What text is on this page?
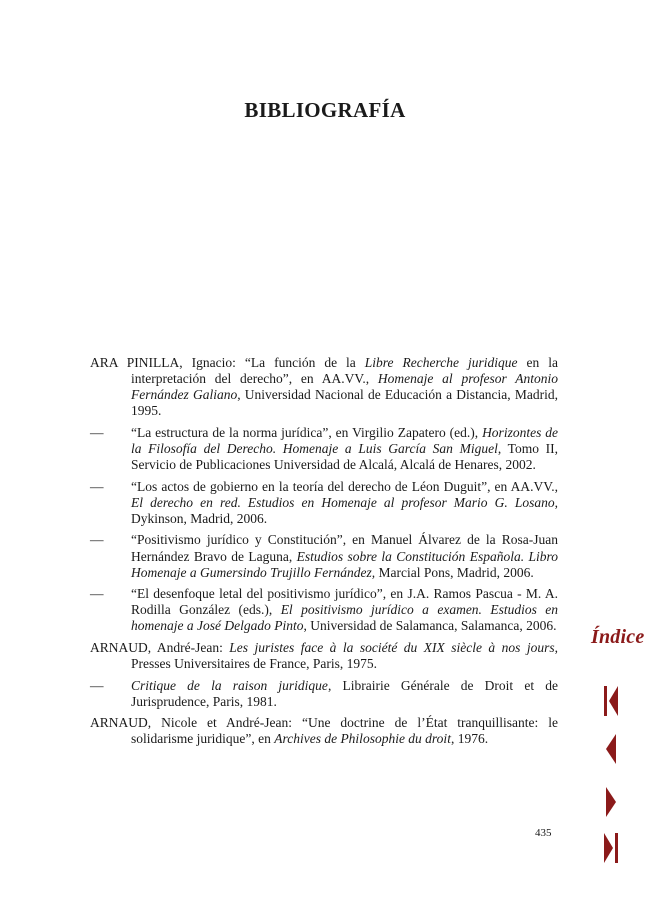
BIBLIOGRAFÍA

ARA PINILLA, Ignacio: “La función de la Libre Recherche juridique en la interpretación del derecho”, en AA.VV., Homenaje al profesor Antonio Fernández Galiano, Universidad Nacional de Educación a Distancia, Madrid, 1995.

— “La estructura de la norma jurídica”, en Virgilio Zapatero (ed.), Horizontes de la Filosofía del Derecho. Homenaje a Luis García San Miguel, Tomo II, Servicio de Publicaciones Universidad de Alcalá, Alcalá de Henares, 2002.

— “Los actos de gobierno en la teoría del derecho de Léon Duguit”, en AA.VV., El derecho en red. Estudios en Homenaje al profesor Mario G. Losano, Dykinson, Madrid, 2006.

— “Positivismo jurídico y Constitución”, en Manuel Álvarez de la Rosa-Juan Hernández Bravo de Laguna, Estudios sobre la Constitución Española. Libro Homenaje a Gumersindo Trujillo Fernández, Marcial Pons, Madrid, 2006.

— “El desenfoque letal del positivismo jurídico”, en J.A. Ramos Pascua - M. A. Rodilla González (eds.), El positivismo jurídico a examen. Estudios en homenaje a José Delgado Pinto, Universidad de Salamanca, Salamanca, 2006.

ARNAUD, André-Jean: Les juristes face à la société du XIX siècle à nos jours, Presses Universitaires de France, Paris, 1975.

— Critique de la raison juridique, Librairie Générale de Droit et de Jurisprudence, Paris, 1981.

ARNAUD, Nicole et André-Jean: “Une doctrine de l’État tranquillisante: le solidarisme juridique”, en Archives de Philosophie du droit, 1976.

435
Índice
